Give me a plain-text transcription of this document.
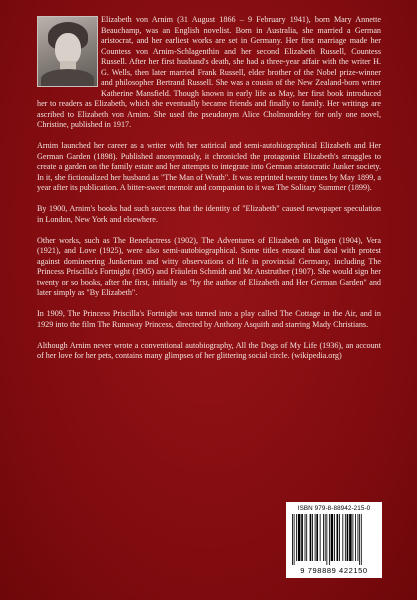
Elizabeth von Arnim (31 August 1866 – 9 February 1941), born Mary Annette Beauchamp, was an English novelist. Born in Australia, she married a German aristocrat, and her earliest works are set in Germany. Her first marriage made her Countess von Arnim-Schlagenthin and her second Elizabeth Russell, Countess Russell. After her first husband's death, she had a three-year affair with the writer H. G. Wells, then later married Frank Russell, elder brother of the Nobel prize-winner and philosopher Bertrand Russell. She was a cousin of the New Zealand-born writer Katherine Mansfield. Though known in early life as May, her first book introduced her to readers as Elizabeth, which she eventually became friends and finally to family. Her writings are ascribed to Elizabeth von Arnim. She used the pseudonym Alice Cholmondeley for only one novel, Christine, published in 1917.

Arnim launched her career as a writer with her satirical and semi-autobiographical Elizabeth and Her German Garden (1898). Published anonymously, it chronicled the protagonist Elizabeth's struggles to create a garden on the family estate and her attempts to integrate into German aristocratic Junker society. In it, she fictionalized her husband as "The Man of Wrath". It was reprinted twenty times by May 1899, a year after its publication. A bitter-sweet memoir and companion to it was The Solitary Summer (1899).

By 1900, Arnim's books had such success that the identity of "Elizabeth" caused newspaper speculation in London, New York and elsewhere.

Other works, such as The Benefactress (1902), The Adventures of Elizabeth on Rügen (1904), Vera (1921), and Love (1925), were also semi-autobiographical. Some titles ensued that deal with protest against domineering Junkertum and witty observations of life in provincial Germany, including The Princess Priscilla's Fortnight (1905) and Fräulein Schmidt and Mr Anstruther (1907). She would sign her twenty or so books, after the first, initially as "by the author of Elizabeth and Her German Garden" and later simply as "By Elizabeth".

In 1909, The Princess Priscilla's Fortnight was turned into a play called The Cottage in the Air, and in 1929 into the film The Runaway Princess, directed by Anthony Asquith and starring Mady Christians.

Although Arnim never wrote a conventional autobiography, All the Dogs of My Life (1936), an account of her love for her pets, contains many glimpses of her glittering social circle. (wikipedia.org)

ISBN 979-8-88942-215-0
9 798889 422150
